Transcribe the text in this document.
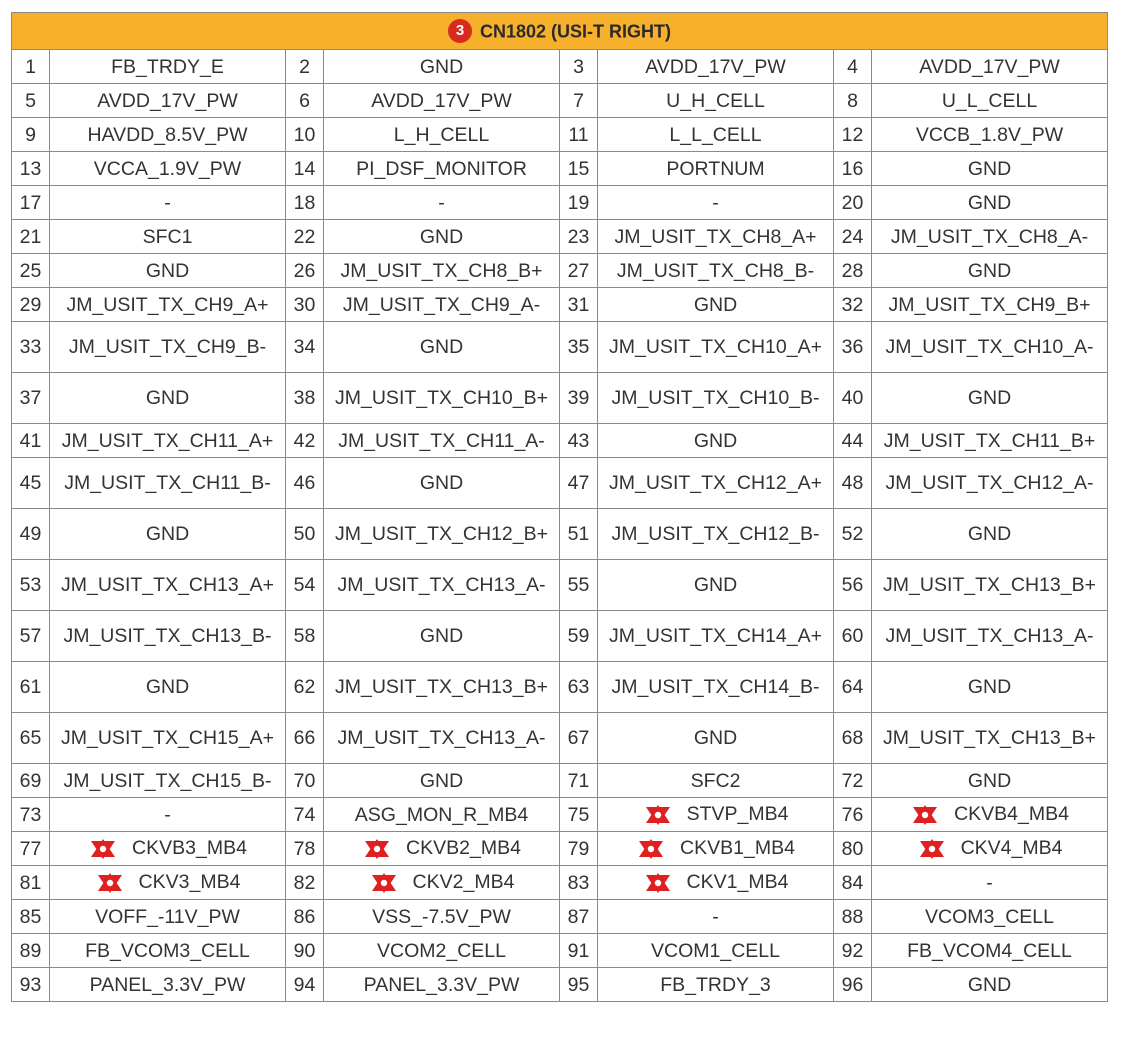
3 CN1802 (USI-T RIGHT)							
1	FB_TRDY_E	2	GND	3	AVDD_17V_PW	4	AVDD_17V_PW
5	AVDD_17V_PW	6	AVDD_17V_PW	7	U_H_CELL	8	U_L_CELL
9	HAVDD_8.5V_PW	10	L_H_CELL	11	L_L_CELL	12	VCCB_1.8V_PW
13	VCCA_1.9V_PW	14	PI_DSF_MONITOR	15	PORTNUM	16	GND
17	-	18	-	19	-	20	GND
21	SFC1	22	GND	23	JM_USIT_TX_CH8_A+	24	JM_USIT_TX_CH8_A-
25	GND	26	JM_USIT_TX_CH8_B+	27	JM_USIT_TX_CH8_B-	28	GND
29	JM_USIT_TX_CH9_A+	30	JM_USIT_TX_CH9_A-	31	GND	32	JM_USIT_TX_CH9_B+
33	JM_USIT_TX_CH9_B-	34	GND	35	JM_USIT_TX_CH10_A+	36	JM_USIT_TX_CH10_A-
37	GND	38	JM_USIT_TX_CH10_B+	39	JM_USIT_TX_CH10_B-	40	GND
41	JM_USIT_TX_CH11_A+	42	JM_USIT_TX_CH11_A-	43	GND	44	JM_USIT_TX_CH11_B+
45	JM_USIT_TX_CH11_B-	46	GND	47	JM_USIT_TX_CH12_A+	48	JM_USIT_TX_CH12_A-
49	GND	50	JM_USIT_TX_CH12_B+	51	JM_USIT_TX_CH12_B-	52	GND
53	JM_USIT_TX_CH13_A+	54	JM_USIT_TX_CH13_A-	55	GND	56	JM_USIT_TX_CH13_B+
57	JM_USIT_TX_CH13_B-	58	GND	59	JM_USIT_TX_CH14_A+	60	JM_USIT_TX_CH13_A-
61	GND	62	JM_USIT_TX_CH13_B+	63	JM_USIT_TX_CH14_B-	64	GND
65	JM_USIT_TX_CH15_A+	66	JM_USIT_TX_CH13_A-	67	GND	68	JM_USIT_TX_CH13_B+
69	JM_USIT_TX_CH15_B-	70	GND	71	SFC2	72	GND
73	-	74	ASG_MON_R_MB4	75	STVP_MB4	76	CKVB4_MB4
77	CKVB3_MB4	78	CKVB2_MB4	79	CKVB1_MB4	80	CKV4_MB4
81	CKV3_MB4	82	CKV2_MB4	83	CKV1_MB4	84	-
85	VOFF_-11V_PW	86	VSS_-7.5V_PW	87	-	88	VCOM3_CELL
89	FB_VCOM3_CELL	90	VCOM2_CELL	91	VCOM1_CELL	92	FB_VCOM4_CELL
93	PANEL_3.3V_PW	94	PANEL_3.3V_PW	95	FB_TRDY_3	96	GND
